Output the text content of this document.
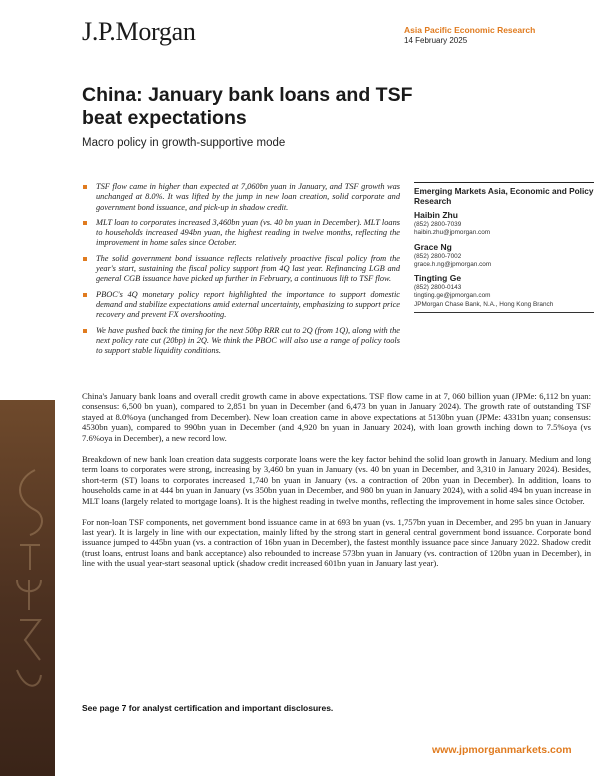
J.P.Morgan	Asia Pacific Economic Research
14 February 2025
China: January bank loans and TSF beat expectations
Macro policy in growth-supportive mode
TSF flow came in higher than expected at 7,060bn yuan in January, and TSF growth was unchanged at 8.0%. It was lifted by the jump in new loan creation, solid corporate and government bond issuance, and pick-up in shadow credit.
MLT loan to corporates increased 3,460bn yuan (vs. 40 bn yuan in December). MLT loans to households increased 494bn yuan, the highest reading in twelve months, reflecting the improvement in home sales since October.
The solid government bond issuance reflects relatively proactive fiscal policy from the year's start, sustaining the fiscal policy support from 4Q last year. Refinancing LGB and general CGB issuance have picked up further in February, a continuous lift to TSF flow.
PBOC's 4Q monetary policy report highlighted the importance to support domestic demand and stabilize expectations amid external uncertainty, emphasizing to support price recovery and prevent FX overshooting.
We have pushed back the timing for the next 50bp RRR cut to 2Q (from 1Q), along with the next policy rate cut (20bp) in 2Q. We think the PBOC will also use a range of policy tools to support stable liquidity conditions.
Emerging Markets Asia, Economic and Policy Research
Haibin Zhu
(852) 2800-7039
haibin.zhu@jpmorgan.com
Grace Ng
(852) 2800-7002
grace.h.ng@jpmorgan.com
Tingting Ge
(852) 2800-0143
tingting.ge@jpmorgan.com
JPMorgan Chase Bank, N.A., Hong Kong Branch

China's January bank loans and overall credit growth came in above expectations. TSF flow came in at 7, 060 billion yuan (JPMe: 6,112 bn yuan: consensus: 6,500 bn yuan), compared to 2,851 bn yuan in December (and 6,473 bn yuan in January 2024). The growth rate of outstanding TSF stayed at 8.0%oya (unchanged from December). New loan creation came in above expectations at 5130bn yuan (JPMe: 4331bn yuan; consensus: 4530bn yuan), compared to 990bn yuan in December (and 4,920 bn yuan in January 2024), with loan growth inching down to 7.5%oya (vs 7.6%oya in December), a new record low.

Breakdown of new bank loan creation data suggests corporate loans were the key factor behind the solid loan growth in January. Medium and long term loans to corporates were strong, increasing by 3,460 bn yuan in January (vs. 40 bn yuan in December, and 3,310 in January 2024). Besides, short-term (ST) loans to corporates increased 1,740 bn yuan in January (vs. a contraction of 20bn yuan in December). In addition, loans to households came in at 444 bn yuan in January (vs 350bn yuan in December, and 980 bn yuan in January 2024), with a solid 494 bn yuan increase in MLT loans (largely related to mortgage loans). It is the highest reading in twelve months, reflecting the improvement in home sales since October.

For non-loan TSF components, net government bond issuance came in at 693 bn yuan (vs. 1,757bn yuan in December, and 295 bn yuan in January last year). It is largely in line with our expectation, mainly lifted by the strong start in general central government bond issuance. Corporate bond issuance jumped to 445bn yuan (vs. a contraction of 16bn yuan in December), the fastest monthly issuance pace since January 2022. Shadow credit (trust loans, entrust loans and bank acceptance) also rebounded to increase 573bn yuan in January (vs. contraction of 120bn yuan in December), in line with the usual year-start seasonal uptick (shadow credit increased 601bn yuan in January last year).

See page 7 for analyst certification and important disclosures.
www.jpmorganmarkets.com
